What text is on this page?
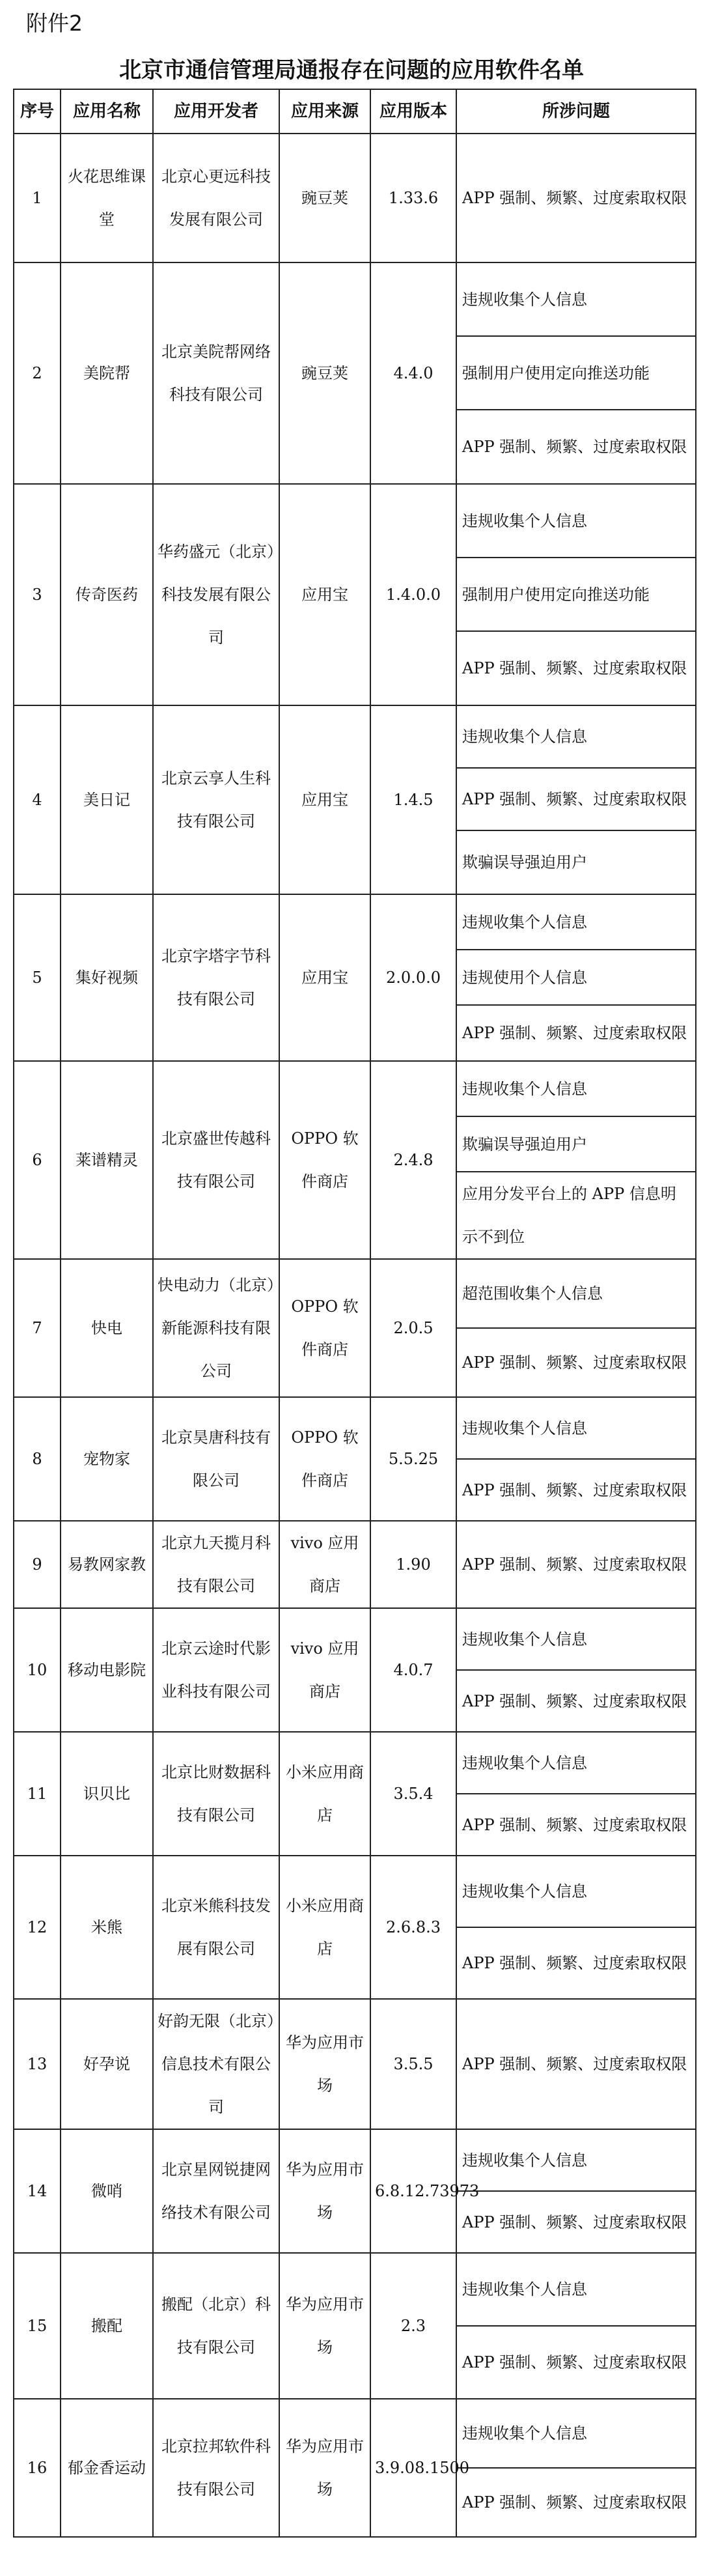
附件2
北京市通信管理局通报存在问题的应用软件名单
序号	应用名称	应用开发者	应用来源	应用版本	所涉问题
1	火花思维课堂	北京心更远科技发展有限公司	豌豆荚	1.33.6	APP 强制、频繁、过度索取权限
2	美院帮	北京美院帮网络科技有限公司	豌豆荚	4.4.0	违规收集个人信息
					强制用户使用定向推送功能
					APP 强制、频繁、过度索取权限
3	传奇医药	华药盛元（北京）科技发展有限公司	应用宝	1.4.0.0	违规收集个人信息
					强制用户使用定向推送功能
					APP 强制、频繁、过度索取权限
4	美日记	北京云享人生科技有限公司	应用宝	1.4.5	违规收集个人信息
					APP 强制、频繁、过度索取权限
					欺骗误导强迫用户
5	集好视频	北京字塔字节科技有限公司	应用宝	2.0.0.0	违规收集个人信息
					违规使用个人信息
					APP 强制、频繁、过度索取权限
6	莱谱精灵	北京盛世传越科技有限公司	OPPO 软件商店	2.4.8	违规收集个人信息
					欺骗误导强迫用户
					应用分发平台上的 APP 信息明示不到位
7	快电	快电动力（北京）新能源科技有限公司	OPPO 软件商店	2.0.5	超范围收集个人信息
					APP 强制、频繁、过度索取权限
8	宠物家	北京昊唐科技有限公司	OPPO 软件商店	5.5.25	违规收集个人信息
					APP 强制、频繁、过度索取权限
9	易教网家教	北京九天揽月科技有限公司	vivo 应用商店	1.90	APP 强制、频繁、过度索取权限
10	移动电影院	北京云途时代影业科技有限公司	vivo 应用商店	4.0.7	违规收集个人信息
					APP 强制、频繁、过度索取权限
11	识贝比	北京比财数据科技有限公司	小米应用商店	3.5.4	违规收集个人信息
					APP 强制、频繁、过度索取权限
12	米熊	北京米熊科技发展有限公司	小米应用商店	2.6.8.3	违规收集个人信息
					APP 强制、频繁、过度索取权限
13	好孕说	好韵无限（北京）信息技术有限公司	华为应用市场	3.5.5	APP 强制、频繁、过度索取权限
14	微哨	北京星网锐捷网络技术有限公司	华为应用市场	6.8.12.73973	违规收集个人信息
					APP 强制、频繁、过度索取权限
15	搬配	搬配（北京）科技有限公司	华为应用市场	2.3	违规收集个人信息
					APP 强制、频繁、过度索取权限
16	郁金香运动	北京拉邦软件科技有限公司	华为应用市场	3.9.08.1500	违规收集个人信息
					APP 强制、频繁、过度索取权限
